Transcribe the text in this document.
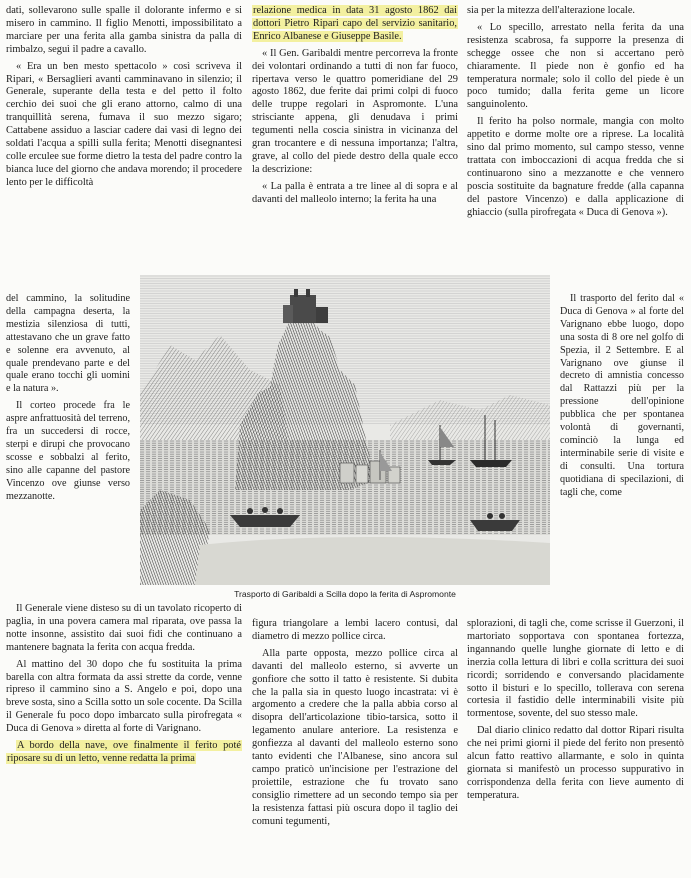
dati, sollevarono sulle spalle il dolorante infermo e si misero in cammino. Il figlio Menotti, impossibilitato a marciare per una ferita alla gamba sinistra da palla di rimbalzo, seguì il padre a cavallo.

« Era un ben mesto spettacolo » così scriveva il Ripari, « Bersaglieri avanti camminavano in silenzio; il Generale, superante della testa e del petto il folto cerchio dei suoi che gli erano attorno, calmo di una tranquillità serena, fumava il suo mezzo sigaro; Cattabene assiduo a lasciar cadere dai vasi di legno dei soldati l'acqua a spilli sulla ferita; Menotti disegnantesi colle erculee sue forme dietro la testa del padre contro la bianca luce del giorno che andava morendo; il procedere lento per le difficoltà

del cammino, la solitudine della campagna deserta, la mestizia silenziosa di tutti, attestavano che un grave fatto e solenne era avvenuto, al quale prendevano parte e del quale erano tocchi gli uomini e la natura ».

Il corteo procede fra le aspre anfrattuosità del terreno, fra un succedersi di rocce, sterpi e dirupi che provocano scosse e sobbalzi al ferito, sino alle capanne del pastore Vincenzo ove giunse verso mezzanotte.

Il Generale viene disteso su di un tavolato ricoperto di paglia, in una povera camera mal riparata, ove passa la notte insonne, assistito dai suoi fidi che continuano a mantenere bagnata la ferita con acqua fredda.

Al mattino del 30 dopo che fu sostituita la prima barella con altra formata da assi strette da corde, venne ripreso il cammino sino a S. Angelo e poi, dopo una breve sosta, sino a Scilla sotto un sole cocente. Da Scilla il Generale fu poco dopo imbarcato sulla pirofregata « Duca di Genova » diretta al forte di Varignano.

A bordo della nave, ove finalmente il ferito poté riposare su di un letto, venne redatta la prima

relazione medica in data 31 agosto 1862 dai dottori Pietro Ripari capo del servizio sanitario, Enrico Albanese e Giuseppe Basile.

« Il Gen. Garibaldi mentre percorreva la fronte dei volontari ordinando a tutti di non far fuoco, ripertava verso le quattro pomeridiane del 29 agosto 1862, due ferite dai primi colpi di fuoco delle truppe regolari in Aspromonte. L'una strisciante appena, gli denudava i primi tegumenti nella coscia sinistra in vicinanza del gran trocantere e di nessuna importanza; l'altra, grave, al collo del piede destro della quale ecco la descrizione:

« La palla è entrata a tre linee al di sopra e al davanti del malleolo interno; la ferita ha una

figura triangolare a lembi lacero contusi, dal diametro di mezzo pollice circa.

Alla parte opposta, mezzo pollice circa al davanti del malleolo esterno, si avverte un gonfiore che sotto il tatto è resistente. Si dubita che la palla sia in questo luogo incastrata: vi è argomento a credere che la palla abbia corso al disopra dell'articolazione tibio-tarsica, sotto il legamento anulare anteriore. La resistenza e gonfiezza al davanti del malleolo esterno sono tanto evidenti che l'Albanese, sino ancora sul campo praticò un'incisione per l'estrazione del proiettile, estrazione che fu trovato sano consiglio rimettere ad un secondo tempo sia per la resistenza fattasi più oscura dopo il taglio dei comuni tegumenti,

sia per la mitezza dell'alterazione locale.

« Lo specillo, arrestato nella ferita da una resistenza scabrosa, fa supporre la presenza di schegge ossee che non si accertano però chiaramente. Il piede non è gonfio ed ha temperatura normale; solo il collo del piede è un poco tumido; dalla ferita geme un licore sanguinolento.

Il ferito ha polso normale, mangia con molto appetito e dorme molte ore a riprese. La località sino dal primo momento, sul campo stesso, venne trattata con imboccazioni di acqua fredda che si continuarono sino a mezzanotte e che vennero poscia sostituite da bagnature fredde (alla capanna del pastore Vincenzo) e dalla applicazione di ghiaccio (sulla pirofregata « Duca di Genova »).

Il trasporto del ferito dal « Duca di Genova » al forte del Varignano ebbe luogo, dopo una sosta di 8 ore nel golfo di Spezia, il 2 Settembre. E al Varignano ove giunse il decreto di amnistia concesso dal Rattazzi più per la pressione dell'opinione pubblica che per spontanea volontà di governanti, cominciò la lunga ed interminabile serie di visite e di consulti. Una tortura quotidiana di specilazioni, di tagli che, come

splorazioni, di tagli che, come scrisse il Guerzoni, il martoriato sopportava con spontanea fortezza, ingannando quelle lunghe giornate di letto e di inerzia colla lettura di libri e colla scrittura dei suoi ricordi; sorridendo e conversando placidamente sotto il bisturi e lo specillo, tollerava con serena cortesia il fastidio delle interminabili visite più tormentose, sovente, del suo stesso male.

Dal diario clinico redatto dal dottor Ripari risulta che nei primi giorni il piede del ferito non presentò alcun fatto reattivo allarmante, e solo in quinta giornata si manifestò un processo suppurativo in corrispondenza della ferita con lieve aumento di temperatura.

Trasporto di Garibaldi a Scilla dopo la ferita di Aspromonte
